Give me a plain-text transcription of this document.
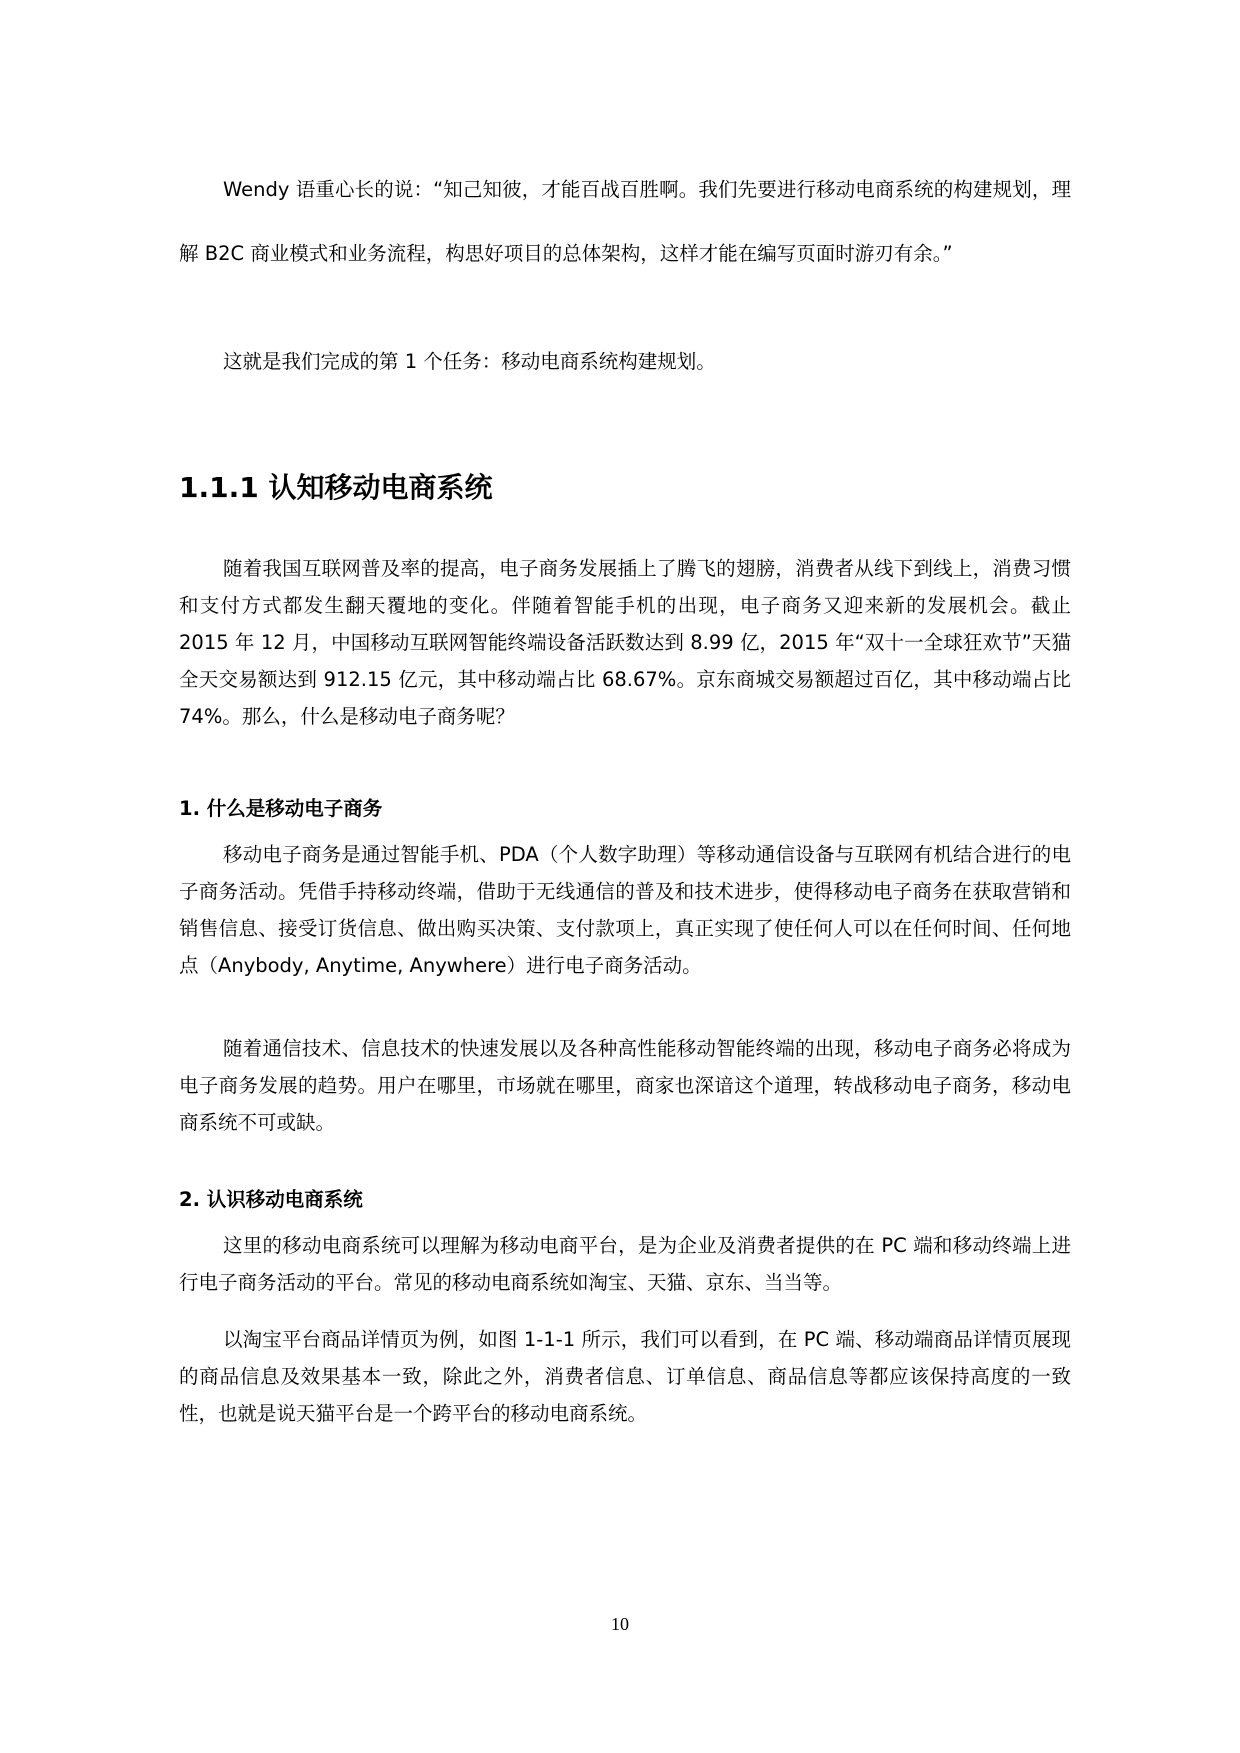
Wendy 语重心长的说：“知己知彼，才能百战百胜啊。我们先要进行移动电商系统的构建规划，理解 B2C 商业模式和业务流程，构思好项目的总体架构，这样才能在编写页面时游刃有余。”

这就是我们完成的第 1 个任务：移动电商系统构建规划。

1.1.1 认知移动电商系统

随着我国互联网普及率的提高，电子商务发展插上了腾飞的翅膀，消费者从线下到线上，消费习惯和支付方式都发生翻天覆地的变化。伴随着智能手机的出现，电子商务又迎来新的发展机会。截止 2015 年 12 月，中国移动互联网智能终端设备活跃数达到 8.99 亿，2015 年“双十一全球狂欢节”天猫全天交易额达到 912.15 亿元，其中移动端占比 68.67%。京东商城交易额超过百亿，其中移动端占比 74%。那么，什么是移动电子商务呢？

1. 什么是移动电子商务

移动电子商务是通过智能手机、PDA（个人数字助理）等移动通信设备与互联网有机结合进行的电子商务活动。凭借手持移动终端，借助于无线通信的普及和技术进步，使得移动电子商务在获取营销和销售信息、接受订货信息、做出购买决策、支付款项上，真正实现了使任何人可以在任何时间、任何地点（Anybody, Anytime, Anywhere）进行电子商务活动。

随着通信技术、信息技术的快速发展以及各种高性能移动智能终端的出现，移动电子商务必将成为电子商务发展的趋势。用户在哪里，市场就在哪里，商家也深谙这个道理，转战移动电子商务，移动电商系统不可或缺。

2. 认识移动电商系统

这里的移动电商系统可以理解为移动电商平台，是为企业及消费者提供的在 PC 端和移动终端上进行电子商务活动的平台。常见的移动电商系统如淘宝、天猫、京东、当当等。

以淘宝平台商品详情页为例，如图 1-1-1 所示，我们可以看到，在 PC 端、移动端商品详情页展现的商品信息及效果基本一致，除此之外，消费者信息、订单信息、商品信息等都应该保持高度的一致性，也就是说天猫平台是一个跨平台的移动电商系统。

10
